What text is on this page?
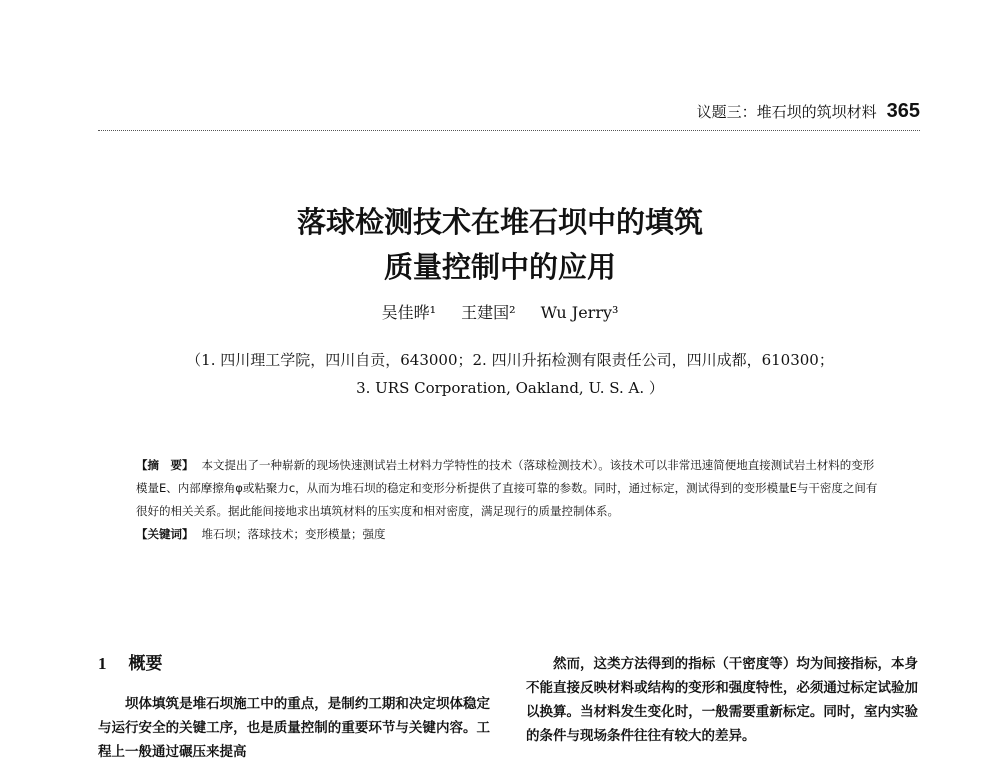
议题三：堆石坝的筑坝材料 365
落球检测技术在堆石坝中的填筑
质量控制中的应用
吴佳晔¹ 王建国² Wu Jerry³
（1. 四川理工学院，四川自贡，643000；2. 四川升拓检测有限责任公司，四川成都，610300；
3. URS Corporation, Oakland, U. S. A. ）
【摘　要】 本文提出了一种崭新的现场快速测试岩土材料力学特性的技术（落球检测技术）。该技术可以非常迅速简便地直接测试岩土材料的变形模量E、内部摩擦角φ或粘聚力c，从而为堆石坝的稳定和变形分析提供了直接可靠的参数。同时，通过标定，测试得到的变形模量E与干密度之间有很好的相关关系。据此能间接地求出填筑材料的压实度和相对密度，满足现行的质量控制体系。
【关键词】 堆石坝；落球技术；变形模量；强度
1 概要

坝体填筑是堆石坝施工中的重点，是制约工期和决定坝体稳定与运行安全的关键工序，也是质量控制的重要环节与关键内容。工程上一般通过碾压来提高

然而，这类方法得到的指标（干密度等）均为间接指标，本身不能直接反映材料或结构的变形和强度特性，必须通过标定试验加以换算。当材料发生变化时，一般需要重新标定。同时，室内实验的条件与现场条件往往有较大的差异。
